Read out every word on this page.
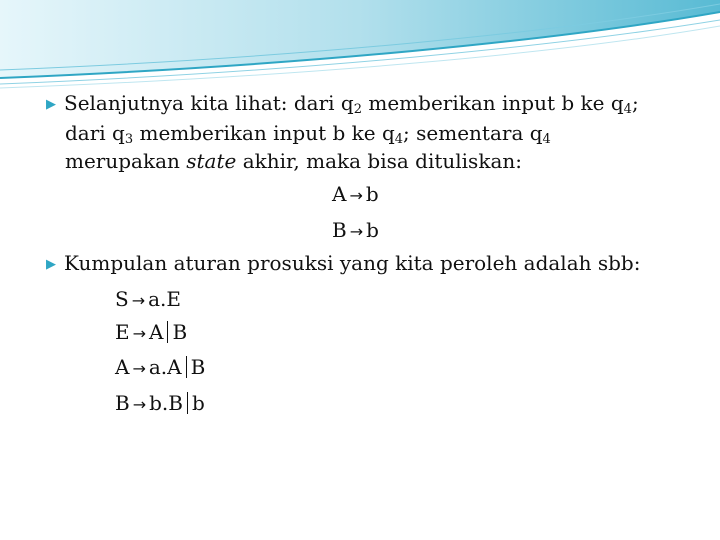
▶ Selanjutnya kita lihat: dari $q_2$ memberikan input b ke $q_4$;
dari $q_3$ memberikan input b ke $q_4$; sementara $q_4$
merupakan state akhir, maka bisa dituliskan:
A → b
B → b
▶ Kumpulan aturan prosuksi yang kita peroleh adalah sbb:
S → a.E
E → A B
A → a.A B
B → b.B b
